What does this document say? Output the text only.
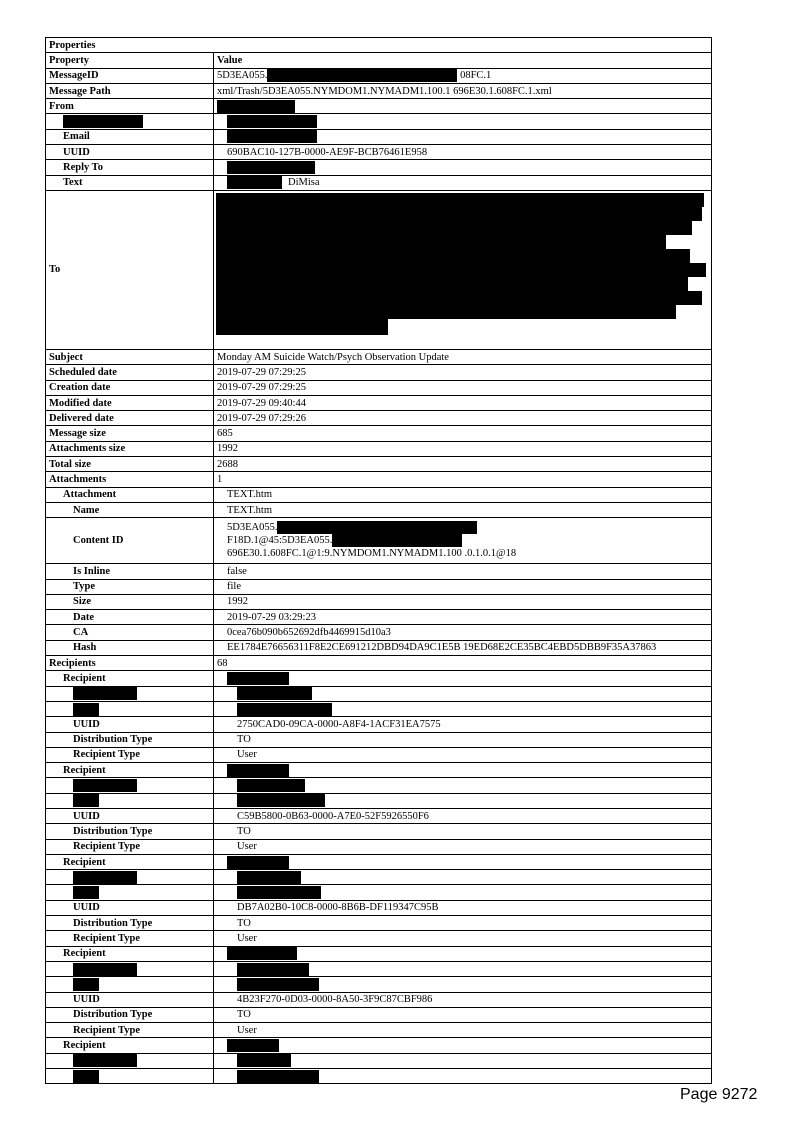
Properties	
Property	Value
MessageID	5D3EA055. 08FC.1
Message Path	xml/Trash/5D3EA055.NYMDOM1.NYMADM1.100.1 696E30.1.608FC.1.xml
From	

Email	
UUID	690BAC10-127B-0000-AE9F-BCB76461E958
Reply To	
Text	DiMisa
To	

Subject	Monday AM Suicide Watch/Psych Observation Update
Scheduled date	2019-07-29 07:29:25
Creation date	2019-07-29 07:29:25
Modified date	2019-07-29 09:40:44
Delivered date	2019-07-29 07:29:26
Message size	685
Attachments size	1992
Total size	2688
Attachments	1
Attachment	TEXT.htm
Name	TEXT.htm
Content ID	5D3EA055.
F18D.1@45:5D3EA055.
696E30.1.608FC.1@1:9.NYMDOM1.NYMADM1.100 .0.1.0.1@18

Is Inline	false
Type	file
Size	1992
Date	2019-07-29 03:29:23
CA	0cea76b090b652692dfb4469915d10a3
Hash	EE1784E76656311F8E2CE691212DBD94DA9C1E5B 19ED68E2CE35BC4EBD5DBB9F35A37863
Recipients	68
Recipient	

UUID	2750CAD0-09CA-0000-A8F4-1ACF31EA7575
Distribution Type	TO
Recipient Type	User
Recipient	

UUID	C59B5800-0B63-0000-A7E0-52F5926550F6
Distribution Type	TO
Recipient Type	User
Recipient	

UUID	DB7A02B0-10C8-0000-8B6B-DF119347C95B
Distribution Type	TO
Recipient Type	User
Recipient	

UUID	4B23F270-0D03-0000-8A50-3F9C87CBF986
Distribution Type	TO
Recipient Type	User
Recipient	

Page 9272
